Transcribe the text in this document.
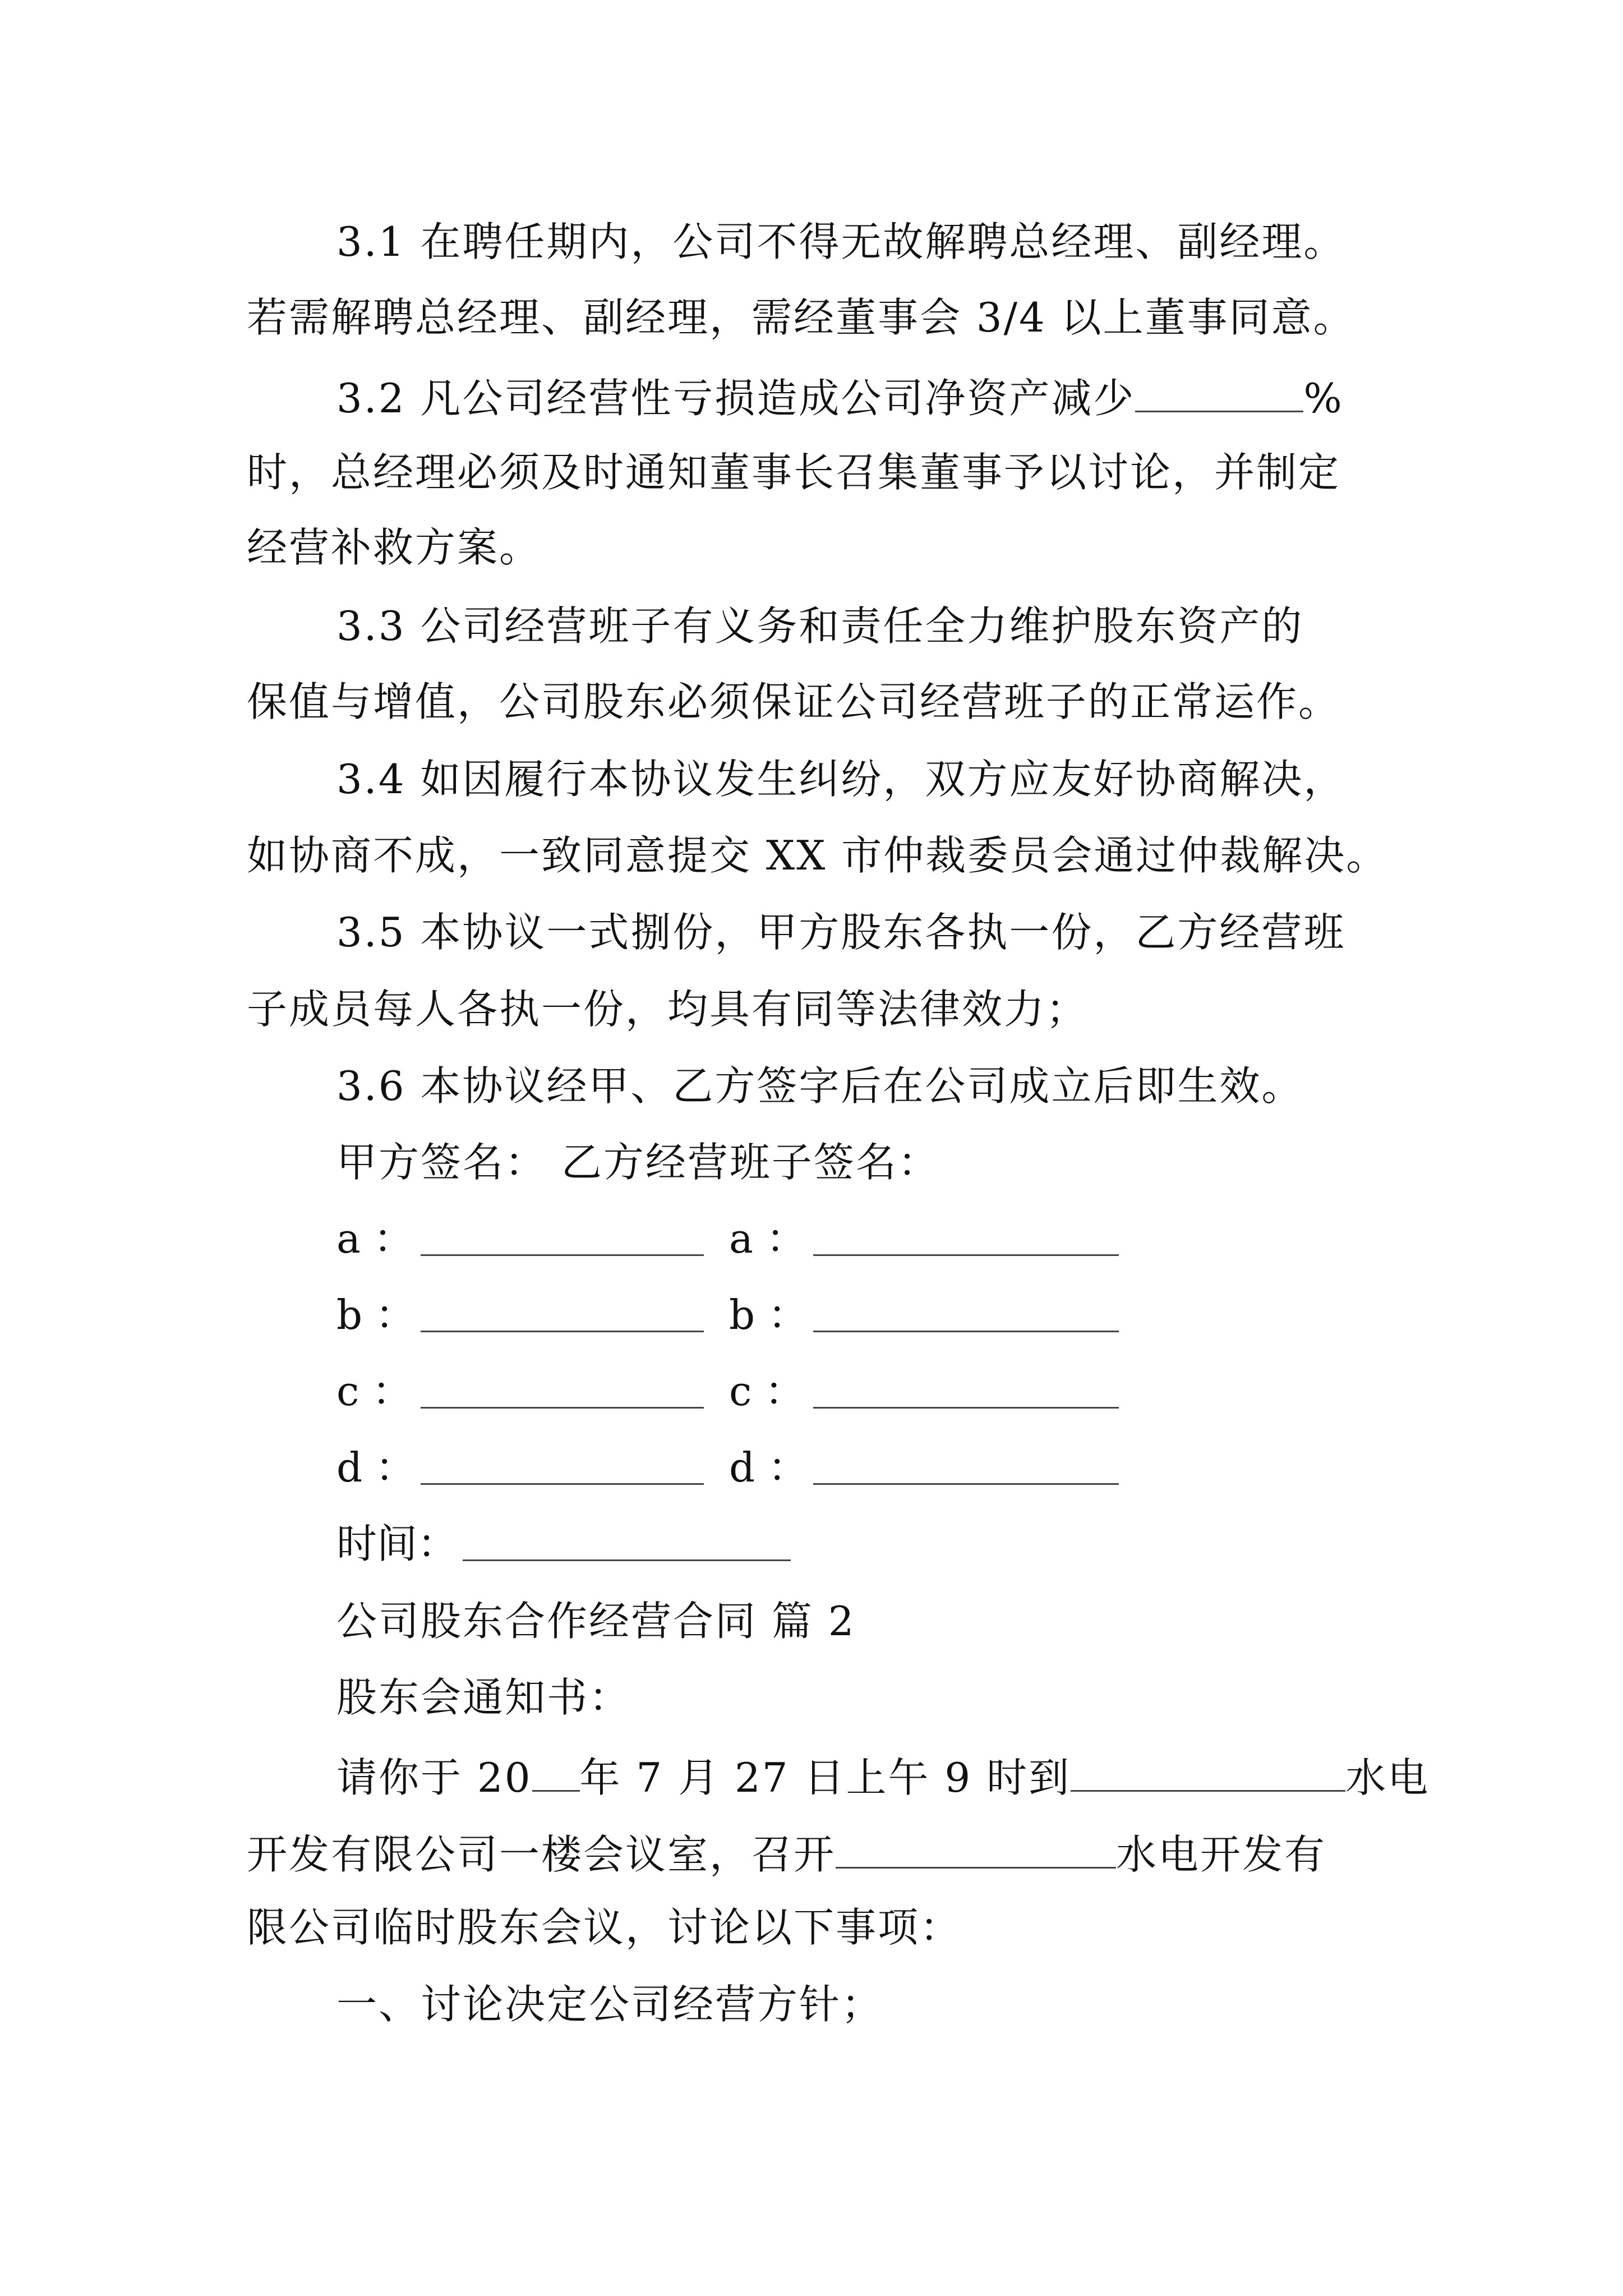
3.1 在聘任期内，公司不得无故解聘总经理、副经理。
若需解聘总经理、副经理，需经董事会 3/4 以上董事同意。
3.2 凡公司经营性亏损造成公司净资产减少	%
时，总经理必须及时通知董事长召集董事予以讨论，并制定
经营补救方案。
3.3 公司经营班子有义务和责任全力维护股东资产的
保值与增值，公司股东必须保证公司经营班子的正常运作。
3.4 如因履行本协议发生纠纷，双方应友好协商解决，
如协商不成，一致同意提交 XX 市仲裁委员会通过仲裁解决。
3.5 本协议一式捌份，甲方股东各执一份，乙方经营班
子成员每人各执一份，均具有同等法律效力；
3.6 本协议经甲、乙方签字后在公司成立后即生效。
甲方签名： 乙方经营班子签名：
a ：	a ：
b ：	b ：
c ：	c ：
d ：	d ：
时间：
公司股东合作经营合同 篇 2
股东会通知书：
请你于 20 年 7 月 27 日上午 9 时到	水电
开发有限公司一楼会议室，召开	水电开发有
限公司临时股东会议，讨论以下事项：
一、讨论决定公司经营方针；
